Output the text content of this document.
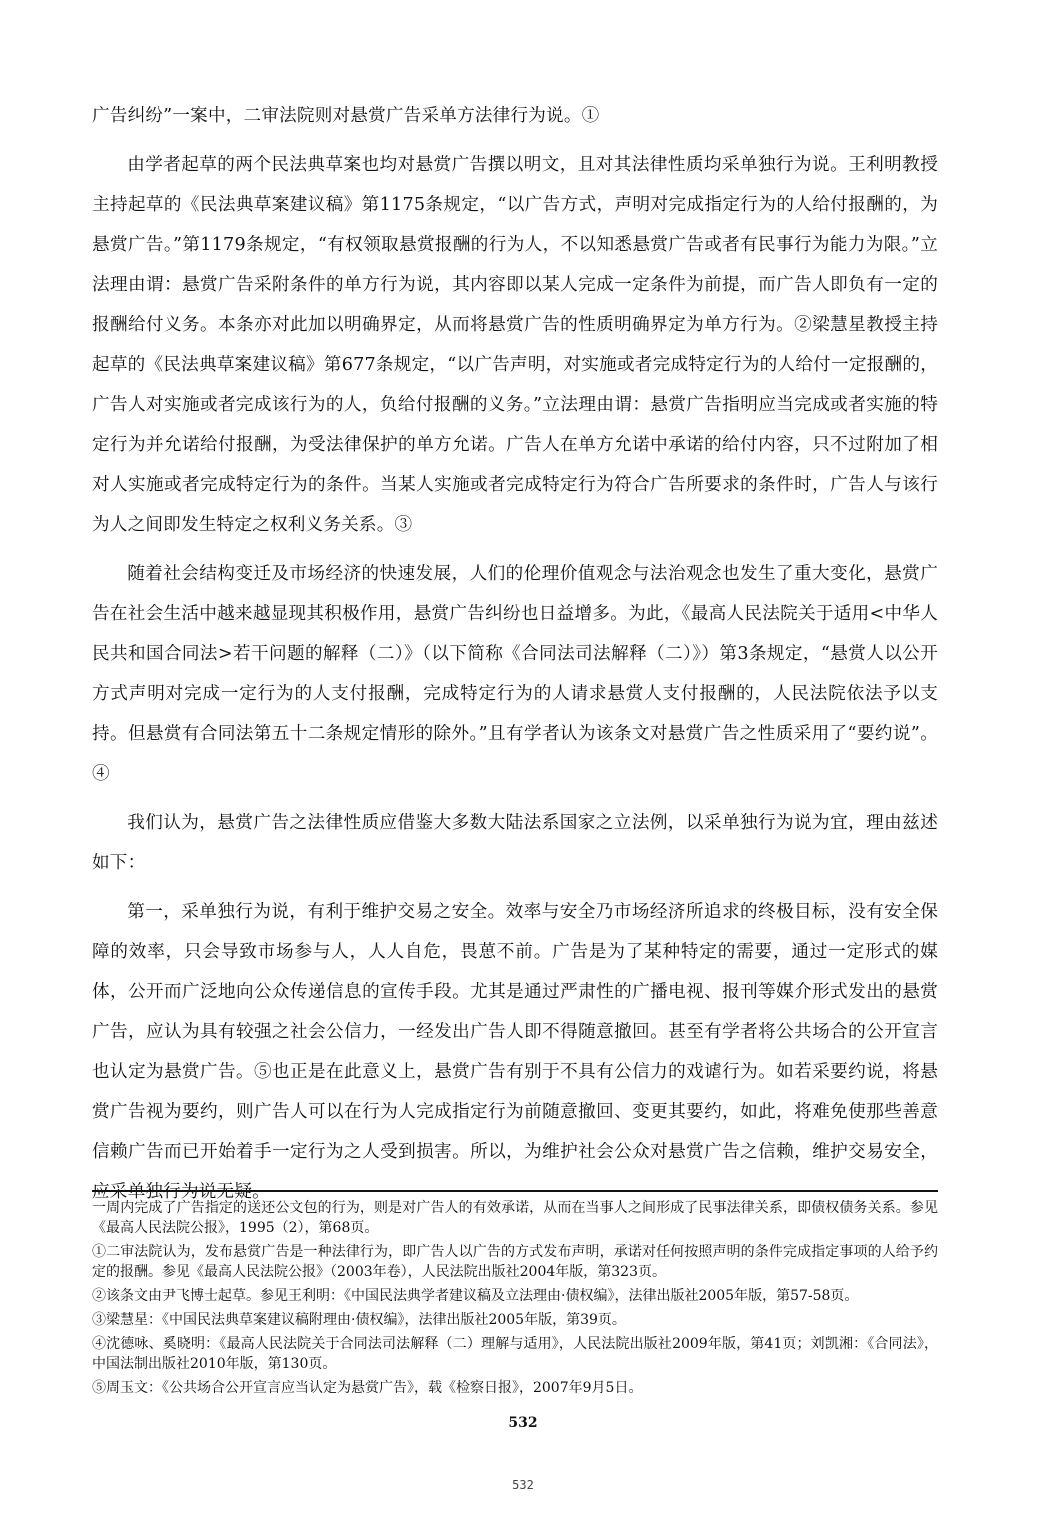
广告纠纷”一案中，二审法院则对悬赏广告采单方法律行为说。①

由学者起草的两个民法典草案也均对悬赏广告撰以明文，且对其法律性质均采单独行为说。王利明教授主持起草的《民法典草案建议稿》第1175条规定，“以广告方式，声明对完成指定行为的人给付报酬的，为悬赏广告。”第1179条规定，“有权领取悬赏报酬的行为人，不以知悉悬赏广告或者有民事行为能力为限。”立法理由谓：悬赏广告采附条件的单方行为说，其内容即以某人完成一定条件为前提，而广告人即负有一定的报酬给付义务。本条亦对此加以明确界定，从而将悬赏广告的性质明确界定为单方行为。②梁慧星教授主持起草的《民法典草案建议稿》第677条规定，“以广告声明，对实施或者完成特定行为的人给付一定报酬的，广告人对实施或者完成该行为的人，负给付报酬的义务。”立法理由谓：悬赏广告指明应当完成或者实施的特定行为并允诺给付报酬，为受法律保护的单方允诺。广告人在单方允诺中承诺的给付内容，只不过附加了相对人实施或者完成特定行为的条件。当某人实施或者完成特定行为符合广告所要求的条件时，广告人与该行为人之间即发生特定之权利义务关系。③

随着社会结构变迁及市场经济的快速发展，人们的伦理价值观念与法治观念也发生了重大变化，悬赏广告在社会生活中越来越显现其积极作用，悬赏广告纠纷也日益增多。为此，《最高人民法院关于适用<中华人民共和国合同法>若干问题的解释（二）》（以下简称《合同法司法解释（二）》）第3条规定，“悬赏人以公开方式声明对完成一定行为的人支付报酬，完成特定行为的人请求悬赏人支付报酬的，人民法院依法予以支持。但悬赏有合同法第五十二条规定情形的除外。”且有学者认为该条文对悬赏广告之性质采用了“要约说”。④

我们认为，悬赏广告之法律性质应借鉴大多数大陆法系国家之立法例，以采单独行为说为宜，理由兹述如下：

第一，采单独行为说，有利于维护交易之安全。效率与安全乃市场经济所追求的终极目标，没有安全保障的效率，只会导致市场参与人，人人自危，畏葸不前。广告是为了某种特定的需要，通过一定形式的媒体，公开而广泛地向公众传递信息的宣传手段。尤其是通过严肃性的广播电视、报刊等媒介形式发出的悬赏广告，应认为具有较强之社会公信力，一经发出广告人即不得随意撤回。甚至有学者将公共场合的公开宣言也认定为悬赏广告。⑤也正是在此意义上，悬赏广告有别于不具有公信力的戏谑行为。如若采要约说，将悬赏广告视为要约，则广告人可以在行为人完成指定行为前随意撤回、变更其要约，如此，将难免使那些善意信赖广告而已开始着手一定行为之人受到损害。所以，为维护社会公众对悬赏广告之信赖，维护交易安全，应采单独行为说无疑。

一周内完成了广告指定的送还公文包的行为，则是对广告人的有效承诺，从而在当事人之间形成了民事法律关系，即债权债务关系。参见《最高人民法院公报》，1995（2），第68页。

①二审法院认为，发布悬赏广告是一种法律行为，即广告人以广告的方式发布声明，承诺对任何按照声明的条件完成指定事项的人给予约定的报酬。参见《最高人民法院公报》（2003年卷），人民法院出版社2004年版，第323页。

②该条文由尹飞博士起草。参见王利明：《中国民法典学者建议稿及立法理由·债权编》，法律出版社2005年版，第57-58页。

③梁慧星：《中国民法典草案建议稿附理由·债权编》，法律出版社2005年版，第39页。

④沈德咏、奚晓明：《最高人民法院关于合同法司法解释（二）理解与适用》，人民法院出版社2009年版，第41页；刘凯湘：《合同法》，中国法制出版社2010年版，第130页。

⑤周玉文：《公共场合公开宣言应当认定为悬赏广告》，载《检察日报》，2007年9月5日。

532
532
